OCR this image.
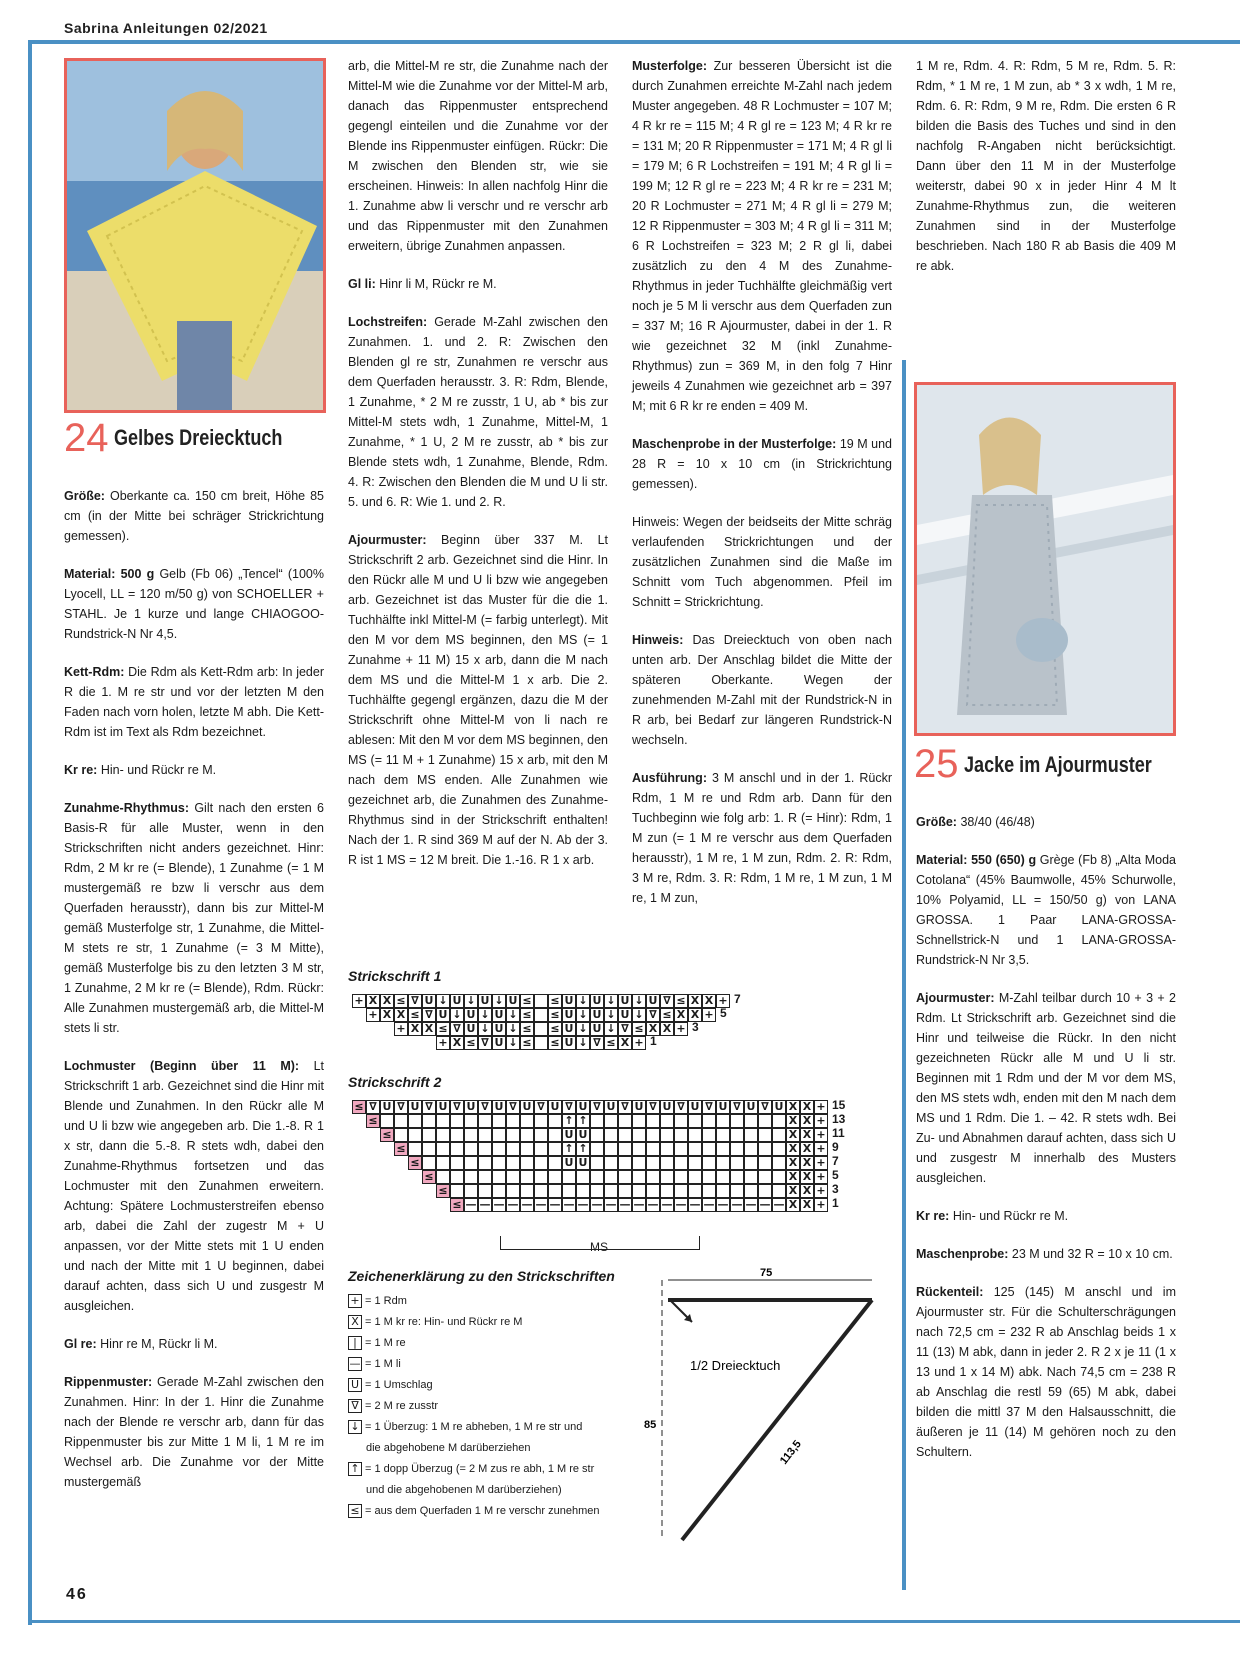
Sabrina Anleitungen 02/2021
46
24 Gelbes Dreiecktuch
25 Jacke im Ajourmuster

Größe: Oberkante ca. 150 cm breit, Höhe 85 cm (in der Mitte bei schräger Strickrichtung gemessen).

Material: 500 g Gelb (Fb 06) „Tencel“ (100% Lyocell, LL = 120 m/50 g) von SCHOELLER + STAHL. Je 1 kurze und lange CHIAOGOO-Rundstrick-N Nr 4,5.

Kett-Rdm: Die Rdm als Kett-Rdm arb: In jeder R die 1. M re str und vor der letzten M den Faden nach vorn holen, letzte M abh. Die Kett-Rdm ist im Text als Rdm bezeichnet.

Kr re: Hin- und Rückr re M.

Zunahme-Rhythmus: Gilt nach den ersten 6 Basis-R für alle Muster, wenn in den Strickschriften nicht anders gezeichnet. Hinr: Rdm, 2 M kr re (= Blende), 1 Zunahme (= 1 M mustergemäß re bzw li verschr aus dem Querfaden herausstr), dann bis zur Mittel-M gemäß Musterfolge str, 1 Zunahme, die Mittel-M stets re str, 1 Zunahme (= 3 M Mitte), gemäß Musterfolge bis zu den letzten 3 M str, 1 Zunahme, 2 M kr re (= Blende), Rdm. Rückr: Alle Zunahmen mustergemäß arb, die Mittel-M stets li str.

Lochmuster (Beginn über 11 M): Lt Strickschrift 1 arb. Gezeichnet sind die Hinr mit Blende und Zunahmen. In den Rückr alle M und U li bzw wie angegeben arb. Die 1.-8. R 1 x str, dann die 5.-8. R stets wdh, dabei den Zunahme-Rhythmus fortsetzen und das Lochmuster mit den Zunahmen erweitern. Achtung: Spätere Lochmusterstreifen ebenso arb, dabei die Zahl der zugestr M + U anpassen, vor der Mitte stets mit 1 U enden und nach der Mitte mit 1 U beginnen, dabei darauf achten, dass sich U und zusgestr M ausgleichen.

Gl re: Hinr re M, Rückr li M.

Rippenmuster: Gerade M-Zahl zwischen den Zunahmen. Hinr: In der 1. Hinr die Zunahme nach der Blende re verschr arb, dann für das Rippenmuster bis zur Mitte 1 M li, 1 M re im Wechsel arb. Die Zunahme vor der Mitte mustergemäß

arb, die Mittel-M re str, die Zunahme nach der Mittel-M wie die Zunahme vor der Mittel-M arb, danach das Rippenmuster entsprechend gegengl einteilen und die Zunahme vor der Blende ins Rippenmuster einfügen. Rückr: Die M zwischen den Blenden str, wie sie erscheinen. Hinweis: In allen nachfolg Hinr die 1. Zunahme abw li verschr und re verschr arb und das Rippenmuster mit den Zunahmen erweitern, übrige Zunahmen anpassen.

Gl li: Hinr li M, Rückr re M.

Lochstreifen: Gerade M-Zahl zwischen den Zunahmen. 1. und 2. R: Zwischen den Blenden gl re str, Zunahmen re verschr aus dem Querfaden herausstr. 3. R: Rdm, Blende, 1 Zunahme, * 2 M re zusstr, 1 U, ab * bis zur Mittel-M stets wdh, 1 Zunahme, Mittel-M, 1 Zunahme, * 1 U, 2 M re zusstr, ab * bis zur Blende stets wdh, 1 Zunahme, Blende, Rdm. 4. R: Zwischen den Blenden die M und U li str. 5. und 6. R: Wie 1. und 2. R.

Ajourmuster: Beginn über 337 M. Lt Strickschrift 2 arb. Gezeichnet sind die Hinr. In den Rückr alle M und U li bzw wie angegeben arb. Gezeichnet ist das Muster für die die 1. Tuchhälfte inkl Mittel-M (= farbig unterlegt). Mit den M vor dem MS beginnen, den MS (= 1 Zunahme + 11 M) 15 x arb, dann die M nach dem MS und die Mittel-M 1 x arb. Die 2. Tuchhälfte gegengl ergänzen, dazu die M der Strickschrift ohne Mittel-M von li nach re ablesen: Mit den M vor dem MS beginnen, den MS (= 11 M + 1 Zunahme) 15 x arb, mit den M nach dem MS enden. Alle Zunahmen wie gezeichnet arb, die Zunahmen des Zunahme-Rhythmus sind in der Strickschrift enthalten! Nach der 1. R sind 369 M auf der N. Ab der 3. R ist 1 MS = 12 M breit. Die 1.-16. R 1 x arb.

Musterfolge: Zur besseren Übersicht ist die durch Zunahmen erreichte M-Zahl nach jedem Muster angegeben. 48 R Lochmuster = 107 M; 4 R kr re = 115 M; 4 R gl re = 123 M; 4 R kr re = 131 M; 20 R Rippenmuster = 171 M; 4 R gl li = 179 M; 6 R Lochstreifen = 191 M; 4 R gl li = 199 M; 12 R gl re = 223 M; 4 R kr re = 231 M; 20 R Lochmuster = 271 M; 4 R gl li = 279 M; 12 R Rippenmuster = 303 M; 4 R gl li = 311 M; 6 R Lochstreifen = 323 M; 2 R gl li, dabei zusätzlich zu den 4 M des Zunahme-Rhythmus in jeder Tuchhälfte gleichmäßig vert noch je 5 M li verschr aus dem Querfaden zun = 337 M; 16 R Ajourmuster, dabei in der 1. R wie gezeichnet 32 M (inkl Zunahme-Rhythmus) zun = 369 M, in den folg 7 Hinr jeweils 4 Zunahmen wie gezeichnet arb = 397 M; mit 6 R kr re enden = 409 M.

Maschenprobe in der Musterfolge: 19 M und 28 R = 10 x 10 cm (in Strickrichtung gemessen).

Hinweis: Wegen der beidseits der Mitte schräg verlaufenden Strickrichtungen und der zusätzlichen Zunahmen sind die Maße im Schnitt vom Tuch abgenommen. Pfeil im Schnitt = Strickrichtung.

Hinweis: Das Dreiecktuch von oben nach unten arb. Der Anschlag bildet die Mitte der späteren Oberkante. Wegen der zunehmenden M-Zahl mit der Rundstrick-N in R arb, bei Bedarf zur längeren Rundstrick-N wechseln.

Ausführung: 3 M anschl und in der 1. Rückr Rdm, 1 M re und Rdm arb. Dann für den Tuchbeginn wie folg arb: 1. R (= Hinr): Rdm, 1 M zun (= 1 M re verschr aus dem Querfaden herausstr), 1 M re, 1 M zun, Rdm. 2. R: Rdm, 3 M re, Rdm. 3. R: Rdm, 1 M re, 1 M zun, 1 M re, 1 M zun,

1 M re, Rdm. 4. R: Rdm, 5 M re, Rdm. 5. R: Rdm, * 1 M re, 1 M zun, ab * 3 x wdh, 1 M re, Rdm. 6. R: Rdm, 9 M re, Rdm. Die ersten 6 R bilden die Basis des Tuches und sind in den nachfolg R-Angaben nicht berücksichtigt. Dann über den 11 M in der Musterfolge weiterstr, dabei 90 x in jeder Hinr 4 M lt Zunahme-Rhythmus zun, die weiteren Zunahmen sind in der Musterfolge beschrieben. Nach 180 R ab Basis die 409 M re abk.

Größe: 38/40 (46/48)

Material: 550 (650) g Grège (Fb 8) „Alta Moda Cotolana“ (45% Baumwolle, 45% Schurwolle, 10% Polyamid, LL = 150/50 g) von LANA GROSSA. 1 Paar LANA-GROSSA-Schnellstrick-N und 1 LANA-GROSSA-Rundstrick-N Nr 3,5.

Ajourmuster: M-Zahl teilbar durch 10 + 3 + 2 Rdm. Lt Strickschrift arb. Gezeichnet sind die Hinr und teilweise die Rückr. In den nicht gezeichneten Rückr alle M und U li str. Beginnen mit 1 Rdm und der M vor dem MS, den MS stets wdh, enden mit den M nach dem MS und 1 Rdm. Die 1. – 42. R stets wdh. Bei Zu- und Abnahmen darauf achten, dass sich U und zusgestr M innerhalb des Musters ausgleichen.

Kr re: Hin- und Rückr re M.

Maschenprobe: 23 M und 32 R = 10 x 10 cm.

Rückenteil: 125 (145) M anschl und im Ajourmuster str. Für die Schulterschrägungen nach 72,5 cm = 232 R ab Anschlag beids 1 x 11 (13) M abk, dann in jeder 2. R 2 x je 11 (1 x 13 und 1 x 14 M) abk. Nach 74,5 cm = 238 R ab Anschlag die restl 59 (65) M abk, dabei bilden die mittl 37 M den Halsausschnitt, die äußeren je 11 (14) M gehören noch zu den Schultern.

Strickschrift 1
+ X X ≤ ∇ U ↓ U ↓ U ↓ U ≤ ≤ U ↓ U ↓ U ↓ U ∇ ≤ X X + 7
+ X X ≤ ∇ U ↓ U ↓ U ↓ ≤ ≤ U ↓ U ↓ U ↓ ∇ ≤ X X + 5
+ X X ≤ ∇ U ↓ U ↓ ≤ ≤ U ↓ U ↓ ∇ ≤ X X + 3
+ X ≤ ∇ U ↓ ≤ ≤ U ↓ ∇ ≤ X + 1
Strickschrift 2
≤ ∇ U ∇ U ∇ U ∇ U ∇ U ∇ U ∇ U ∇ U ∇ U ∇ U ∇ U ∇ U ∇ U ∇ U ∇ U X X + 15
≤	↑ ↑	X X + 13
≤	U U	X X + 11
≤	↑ ↑	X X + 9
≤	U U	X X + 7
≤	X X + 5
≤	X X + 3
≤ — — — — — — — — — — — — — — — — — — — — — — — X X + 1
MS
Zeichenerklärung zu den Strickschriften
+ = 1 Rdm
X = 1 M kr re: Hin- und Rückr re M
| = 1 M re
— = 1 M li
U = 1 Umschlag
∇ = 2 M re zusstr
↓ = 1 Überzug: 1 M re abheben, 1 M re str und
die abgehobene M darüberziehen
↑ = 1 dopp Überzug (= 2 M zus re abh, 1 M re str
und die abgehobenen M darüberziehen)
≤ = aus dem Querfaden 1 M re verschr zunehmen
75
85
113,5
1/2 Dreiecktuch
